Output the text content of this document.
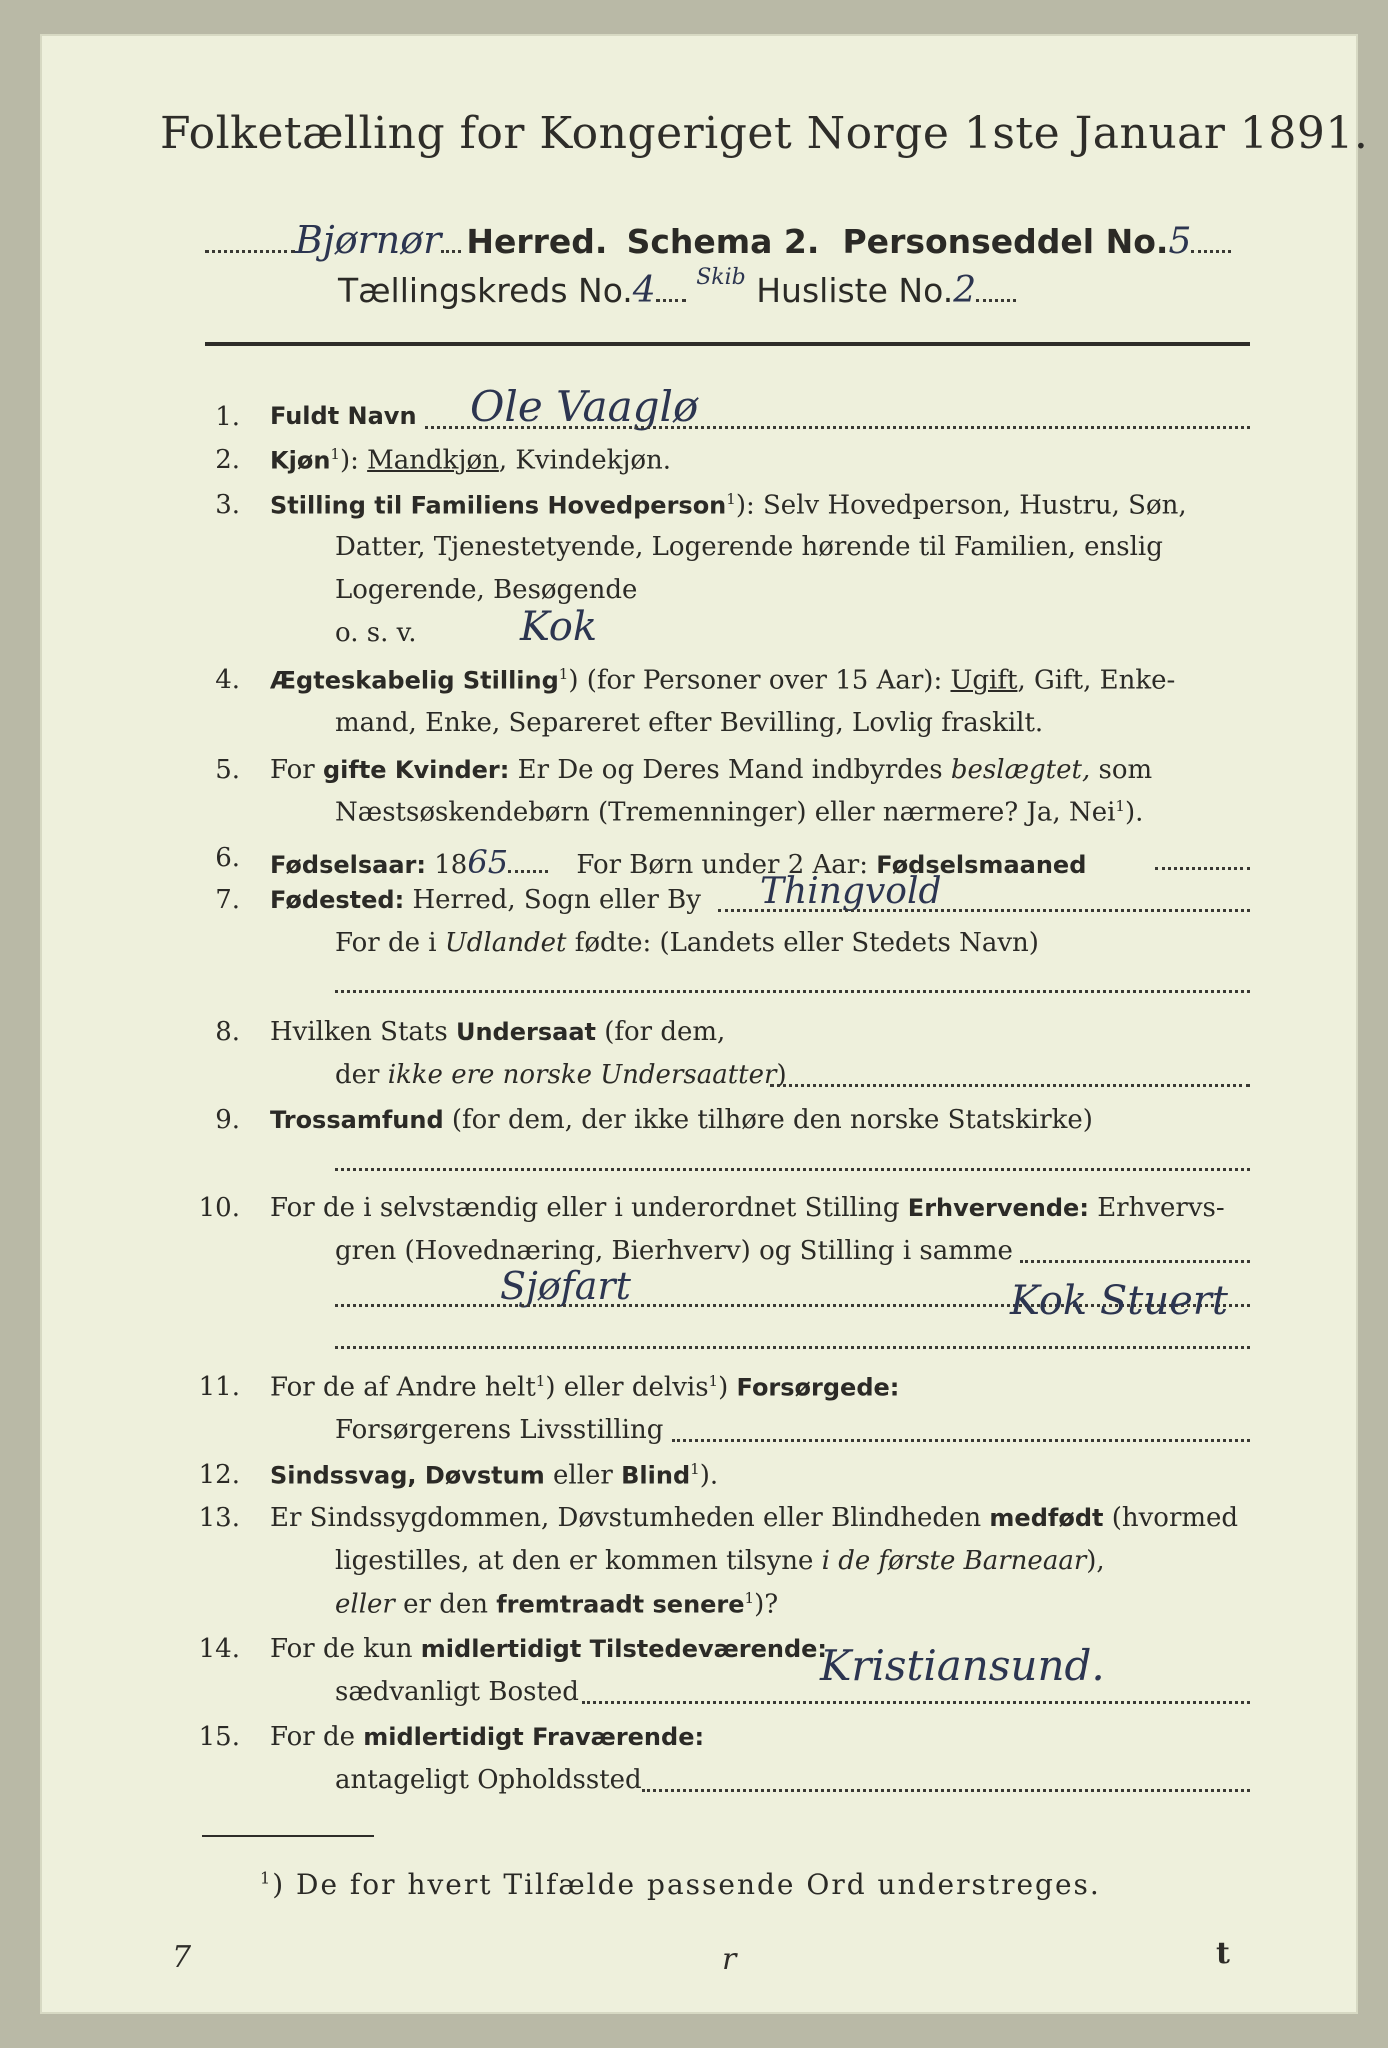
Folketælling for Kongeriget Norge 1ste Januar 1891.
Bjørnør Herred. Schema 2. Personseddel No.5
Tællingskreds No.4 $^{Skib}$ Husliste No.2
1. Fuldt Navn Ole Vaaglø
2. Kjøn$^1$): Mandkjøn, Kvindekjøn.
3. Stilling til Familiens Hovedperson$^1$): Selv Hovedperson, Hustru, Søn,
Datter, Tjenestetyende, Logerende hørende til Familien, enslig
Logerende, Besøgende
o. s. v.	Kok
4. Ægteskabelig Stilling$^1$) (for Personer over 15 Aar): Ugift, Gift, Enke-
mand, Enke, Separeret efter Bevilling, Lovlig fraskilt.
5. For gifte Kvinder: Er De og Deres Mand indbyrdes beslægtet, som
Næstsøskendebørn (Tremenninger) eller nærmere? Ja, Nei$^1$).
6. Fødselsaar: 1865	For Børn under 2 Aar: Fødselsmaaned
7. Fødested: Herred, Sogn eller By Thingvold
For de i Udlandet fødte: (Landets eller Stedets Navn)
8. Hvilken Stats Undersaat (for dem,
der ikke ere norske Undersaatter)
9. Trossamfund (for dem, der ikke tilhøre den norske Statskirke)
10. For de i selvstændig eller i underordnet Stilling Erhvervende: Erhvervs-
gren (Hovednæring, Bierhverv) og Stilling i samme
Sjøfart	Kok Stuert
11. For de af Andre helt$^1$) eller delvis$^1$) Forsørgede:
Forsørgerens Livsstilling
12. Sindssvag, Døvstum eller Blind$^1$).
13. Er Sindssygdommen, Døvstumheden eller Blindheden medfødt (hvormed
ligestilles, at den er kommen tilsyne i de første Barneaar),
eller er den fremtraadt senere$^1$)?
14. For de kun midlertidigt Tilstedeværende:
sædvanligt Bosted
Kristiansund.
15. For de midlertidigt Fraværende:
antageligt Opholdssted
$^1$) De for hvert Tilfælde passende Ord understreges.
7	r	t
